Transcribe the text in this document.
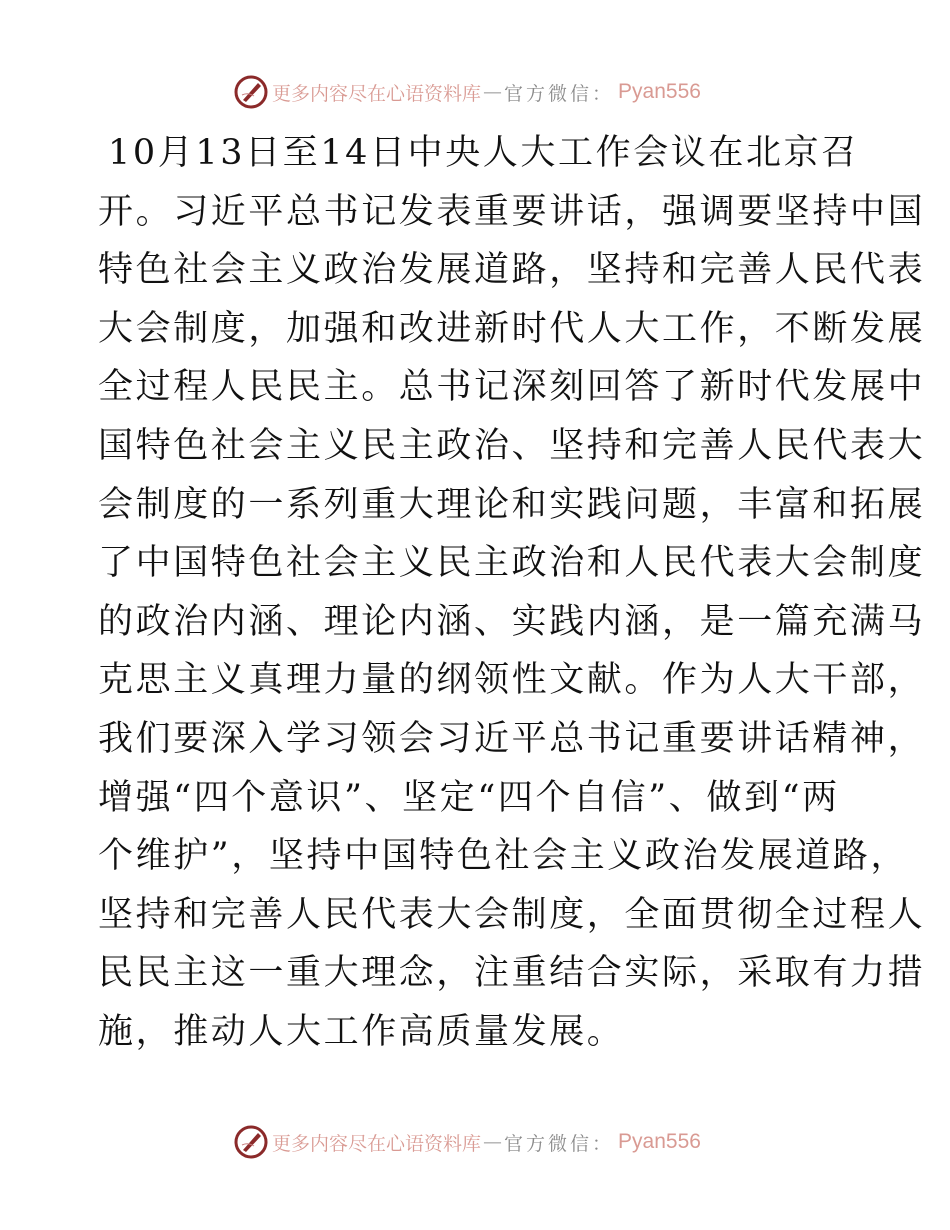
更多内容尽在心语资料库 — 官方微信： Pyan556
10月13日至14日中央人大工作会议在北京召
开。习近平总书记发表重要讲话，强调要坚持中国
特色社会主义政治发展道路，坚持和完善人民代表
大会制度，加强和改进新时代人大工作，不断发展
全过程人民民主。总书记深刻回答了新时代发展中
国特色社会主义民主政治、坚持和完善人民代表大
会制度的一系列重大理论和实践问题，丰富和拓展
了中国特色社会主义民主政治和人民代表大会制度
的政治内涵、理论内涵、实践内涵，是一篇充满马
克思主义真理力量的纲领性文献。作为人大干部，
我们要深入学习领会习近平总书记重要讲话精神，
增强“四个意识”、坚定“四个自信”、做到“两
个维护”，坚持中国特色社会主义政治发展道路，
坚持和完善人民代表大会制度，全面贯彻全过程人
民民主这一重大理念，注重结合实际，采取有力措
施，推动人大工作高质量发展。
更多内容尽在心语资料库 — 官方微信： Pyan556
